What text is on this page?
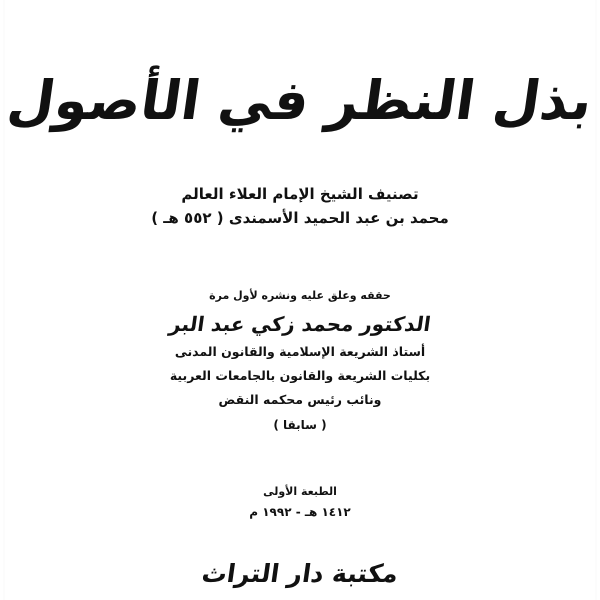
بذل النظر في الأصول
تصنيف الشيخ الإمام العلاء العالم
محمد بن عبد الحميد الأسمندى ( ٥٥٢ هـ )
حققه وعلق عليه ونشره لأول مرة
الدكتور محمد زكي عبد البر
أستاذ الشريعة الإسلامية والقانون المدنى
بكليات الشريعة والقانون بالجامعات العربية
ونائب رئيس محكمه النقض
( سابقا )
الطبعة الأولى
١٤١٢ هـ - ١٩٩٢ م
مكتبة دار التراث
